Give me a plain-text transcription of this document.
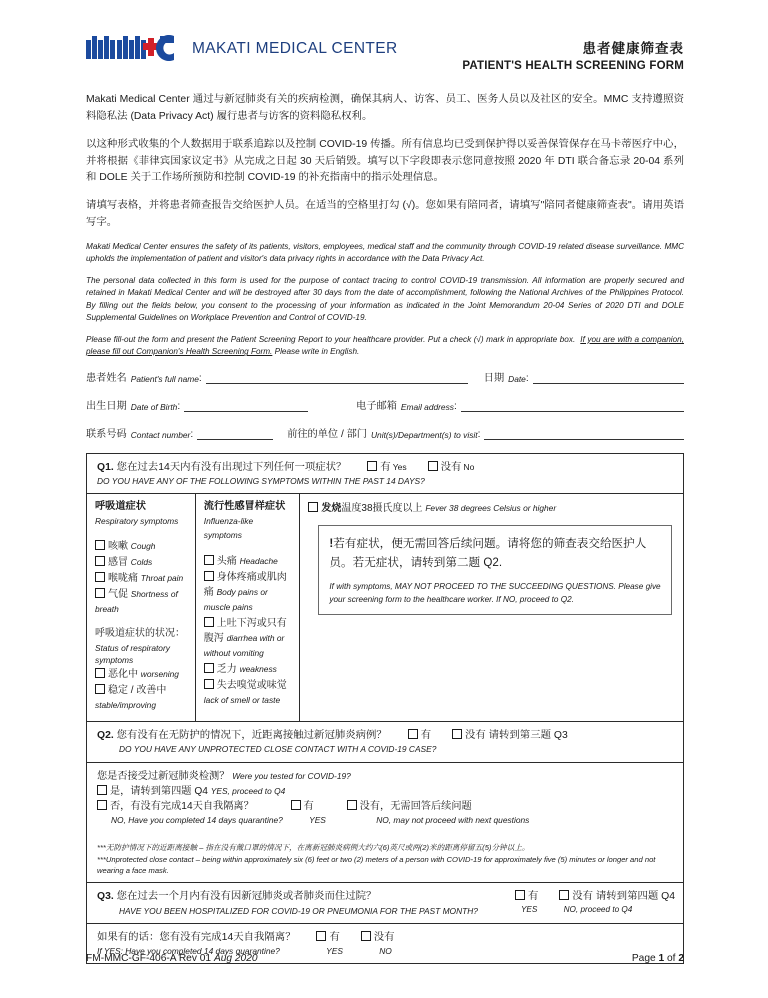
MAKATI MEDICAL CENTER	患者健康筛查表
PATIENT'S HEALTH SCREENING FORM

Makati Medical Center 通过与新冠肺炎有关的疾病检测，确保其病人、访客、员工、医务人员以及社区的安全。MMC 支持遵照资料隐私法 (Data Privacy Act) 履行患者与访客的资料隐私权利。

以这种形式收集的个人数据用于联系追踪以及控制 COVID-19 传播。所有信息均已受到保护得以妥善保管保存在马卡蒂医疗中心，并将根据《菲律宾国家议定书》从完成之日起 30 天后销毁。填写以下字段即表示您同意按照 2020 年 DTI 联合备忘录 20-04 系列和 DOLE 关于工作场所预防和控制 COVID-19 的补充指南中的指示处理信息。

请填写表格，并将患者筛查报告交给医护人员。在适当的空格里打勾 (√)。您如果有陪同者，请填写"陪同者健康筛查表"。请用英语写字。

Makati Medical Center ensures the safety of its patients, visitors, employees, medical staff and the community through COVID-19 related disease surveillance. MMC upholds the implementation of patient and visitor's data privacy rights in accordance with the Data Privacy Act.

The personal data collected in this form is used for the purpose of contact tracing to control COVID-19 transmission. All information are properly secured and retained in Makati Medical Center and will be destroyed after 30 days from the date of accomplishment, following the National Archives of the Philippines Protocol. By filling out the fields below, you consent to the processing of your information as indicated in the Joint Memorandum 20-04 Series of 2020 DTI and DOLE Supplemental Guidelines on Workplace Prevention and Control of COVID-19.

Please fill-out the form and present the Patient Screening Report to your healthcare provider. Put a check (√) mark in appropriate box. If you are with a companion, please fill out Companion's Health Screening Form. Please write in English.

患者姓名 Patient's full name :	日期 Date :
出生日期 Date of Birth :	电子邮箱 Email address :
联系号码 Contact number :	前往的单位 / 部门 Unit(s)/Department(s) to visit :
Q1. 您在过去14天内有没有出现过下列任何一项症状？	有 Yes	没有 No
DO YOU HAVE ANY OF THE FOLLOWING SYMPTOMS WITHIN THE PAST 14 DAYS?
呼吸道症状 Respiratory symptoms
咳嗽 Cough
感冒 Colds
喉咙痛 Throat pain
气促 Shortness of breath
呼吸道症状的状况：
Status of respiratory symptoms
恶化中 worsening
稳定 / 改善中stable/improving
流行性感冒样症状 Influenza-like symptoms
头痛 Headache
身体疼痛或肌肉痛 Body pains or muscle pains
上吐下泻或只有腹泻 diarrhea with or without vomiting
乏力 weakness
失去嗅觉或味觉 lack of smell or taste
发烧温度38摄氏度以上 Fever 38 degrees Celsius or higher

!若有症状，便无需回答后续问题。请将您的筛查表交给医护人员。若无症状，请转到第二题 Q2.

If with symptoms, MAY NOT PROCEED TO THE SUCCEEDING QUESTIONS. Please give your screening form to the healthcare worker. If NO, proceed to Q2.

Q2. 您有没有在无防护的情况下，近距离接触过新冠肺炎病例？	有	没有 请转到第三题 Q3
DO YOU HAVE ANY UNPROTECTED CLOSE CONTACT WITH A COVID-19 CASE?
您是否接受过新冠肺炎检测？ Were you tested for COVID-19?
是，请转到第四题 Q4 YES, proceed to Q4
否，有没有完成14天自我隔离？	有	没有，无需回答后续问题
NO, Have you completed 14 days quarantine?	YES	NO, may not proceed with next questions

***无防护情况下的近距离接触 – 指在没有戴口罩的情况下，在离新冠肺炎病例大约六(6)英尺或两(2)米的距离停留五(5)分钟以上。

***Unprotected close contact – being within approximately six (6) feet or two (2) meters of a person with COVID-19 for approximately five (5) minutes or longer and not wearing a face mask.

Q3. 您在过去一个月内有没有因新冠肺炎或者肺炎而住过院？
HAVE YOU BEEN HOSPITALIZED FOR COVID-19 OR PNEUMONIA FOR THE PAST MONTH?
有	没有 请转到第四题 Q4
YES	NO, proceed to Q4
如果有的话：您有没有完成14天自我隔离？	有	没有
If YES: Have you completed 14 days quarantine?	YES	NO
FM-MMC-GF-406-A Rev 01 Aug 2020	Page 1 of 2
